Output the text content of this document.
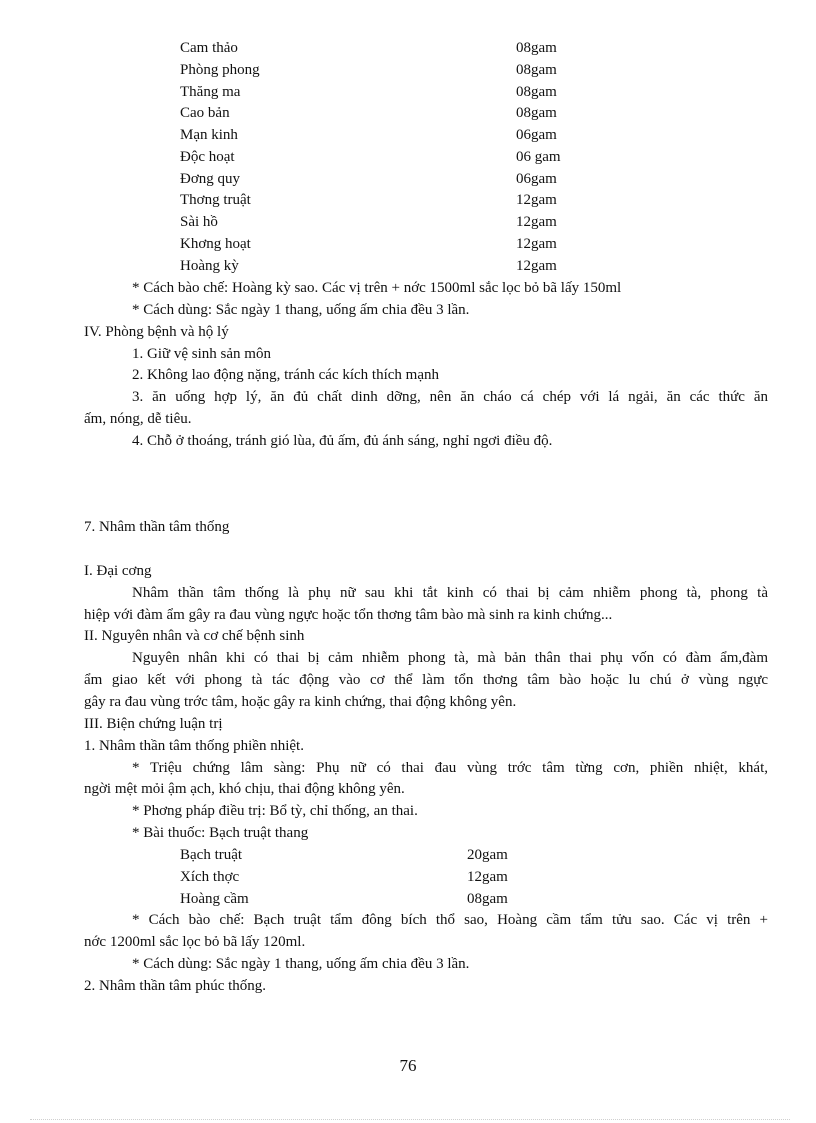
Cam thảo	08gam
Phòng phong	08gam
Thăng ma	08gam
Cao bản	08gam
Mạn kinh	06gam
Độc hoạt	06 gam
Đơng quy	06gam
Thơng truật	12gam
Sài hồ	12gam
Khơng hoạt	12gam
Hoàng kỳ	12gam
* Cách bào chế: Hoàng kỳ sao. Các vị trên + nớc 1500ml sắc lọc bỏ bã lấy 150ml
* Cách dùng: Sắc ngày 1 thang, uống ấm chia đều 3 lần.
IV. Phòng bệnh và hộ lý
1. Giữ vệ sinh sản môn
2. Không lao động nặng, tránh các kích thích mạnh
3. ăn uống hợp lý, ăn đủ chất dinh dỡng, nên ăn cháo cá chép với lá ngải, ăn các thức ăn
ấm, nóng, dễ tiêu.
4. Chỗ ở thoáng, tránh gió lùa, đủ ấm, đủ ánh sáng, nghỉ ngơi điều độ.
7. Nhâm thần tâm thống
I. Đại cơng
Nhâm thần tâm thống là phụ nữ sau khi tắt kinh có thai bị cảm nhiễm phong tà, phong tà
hiệp với đàm ẩm gây ra đau vùng ngực hoặc tổn thơng tâm bào mà sinh ra kinh chứng...
II. Nguyên nhân và cơ chế bệnh sinh
Nguyên nhân khi có thai bị cảm nhiễm phong tà, mà bản thân thai phụ vốn có đàm ẩm,đàm
ẩm giao kết với phong tà tác động vào cơ thể làm tổn thơng tâm bào hoặc lu chú ở vùng ngực
gây ra đau vùng trớc tâm, hoặc gây ra kinh chứng, thai động không yên.
III. Biện chứng luận trị
1. Nhâm thần tâm thống phiền nhiệt.
* Triệu chứng lâm sàng: Phụ nữ có thai đau vùng trớc tâm từng cơn, phiền nhiệt, khát,
ngời mệt mỏi ậm ạch, khó chịu, thai động không yên.
* Phơng pháp điều trị: Bổ tỳ, chỉ thống, an thai.
* Bài thuốc: Bạch truật thang
Bạch truật	20gam
Xích thợc	12gam
Hoàng cầm	08gam
* Cách bào chế: Bạch truật tẩm đông bích thổ sao, Hoàng cầm tẩm tửu sao. Các vị trên +
nớc 1200ml sắc lọc bỏ bã lấy 120ml.
* Cách dùng: Sắc ngày 1 thang, uống ấm chia đều 3 lần.
2. Nhâm thần tâm phúc thống.
76
